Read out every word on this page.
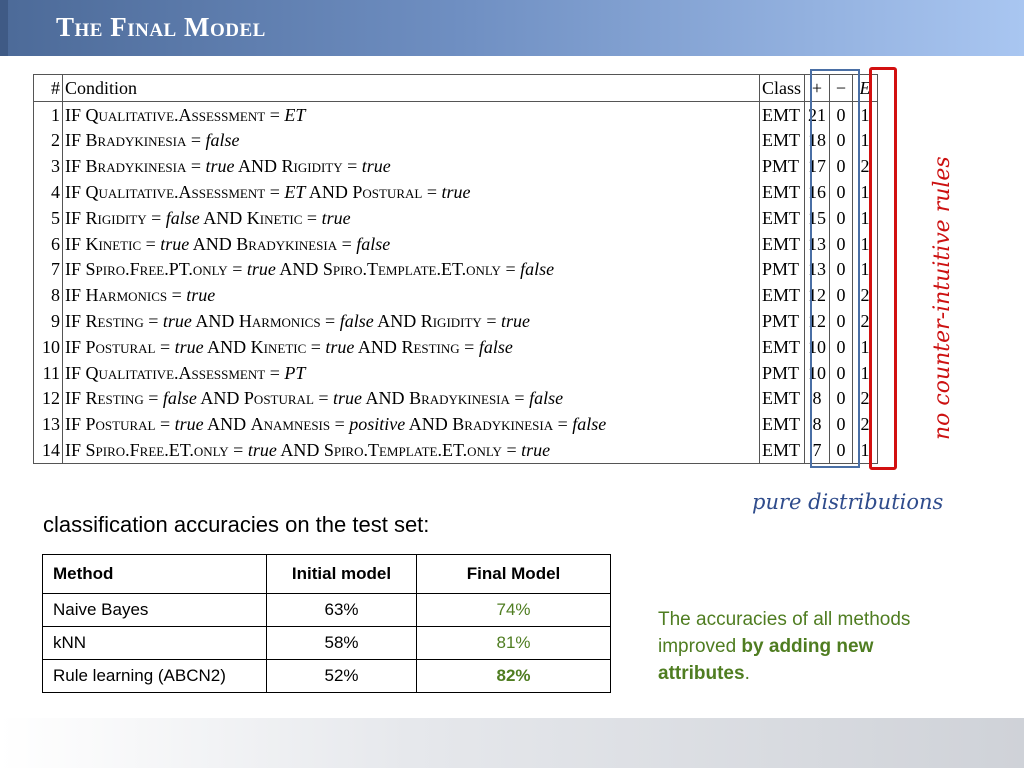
The Final Model
#	Condition	Class	+	−	E
1	IF Qualitative.Assessment = ET	EMT	21	0	1
2	IF Bradykinesia = false	EMT	18	0	1
3	IF Bradykinesia = true AND Rigidity = true	PMT	17	0	2
4	IF Qualitative.Assessment = ET AND Postural = true	EMT	16	0	1
5	IF Rigidity = false AND Kinetic = true	EMT	15	0	1
6	IF Kinetic = true AND Bradykinesia = false	EMT	13	0	1
7	IF Spiro.Free.PT.only = true AND Spiro.Template.ET.only = false	PMT	13	0	1
8	IF Harmonics = true	EMT	12	0	2
9	IF Resting = true AND Harmonics = false AND Rigidity = true	PMT	12	0	2
10	IF Postural = true AND Kinetic = true AND Resting = false	EMT	10	0	1
11	IF Qualitative.Assessment = PT	PMT	10	0	1
12	IF Resting = false AND Postural = true AND Bradykinesia = false	EMT	8	0	2
13	IF Postural = true AND Anamnesis = positive AND Bradykinesia = false	EMT	8	0	2
14	IF Spiro.Free.ET.only = true AND Spiro.Template.ET.only = true	EMT	7	0	1
no counter-intuitive rules
pure distributions
classification accuracies on the test set:
Method	Initial model	Final Model
Naive Bayes	63%	74%
kNN	58%	81%
Rule learning (ABCN2)	52%	82%
The accuracies of all methods improved by adding new attributes.
